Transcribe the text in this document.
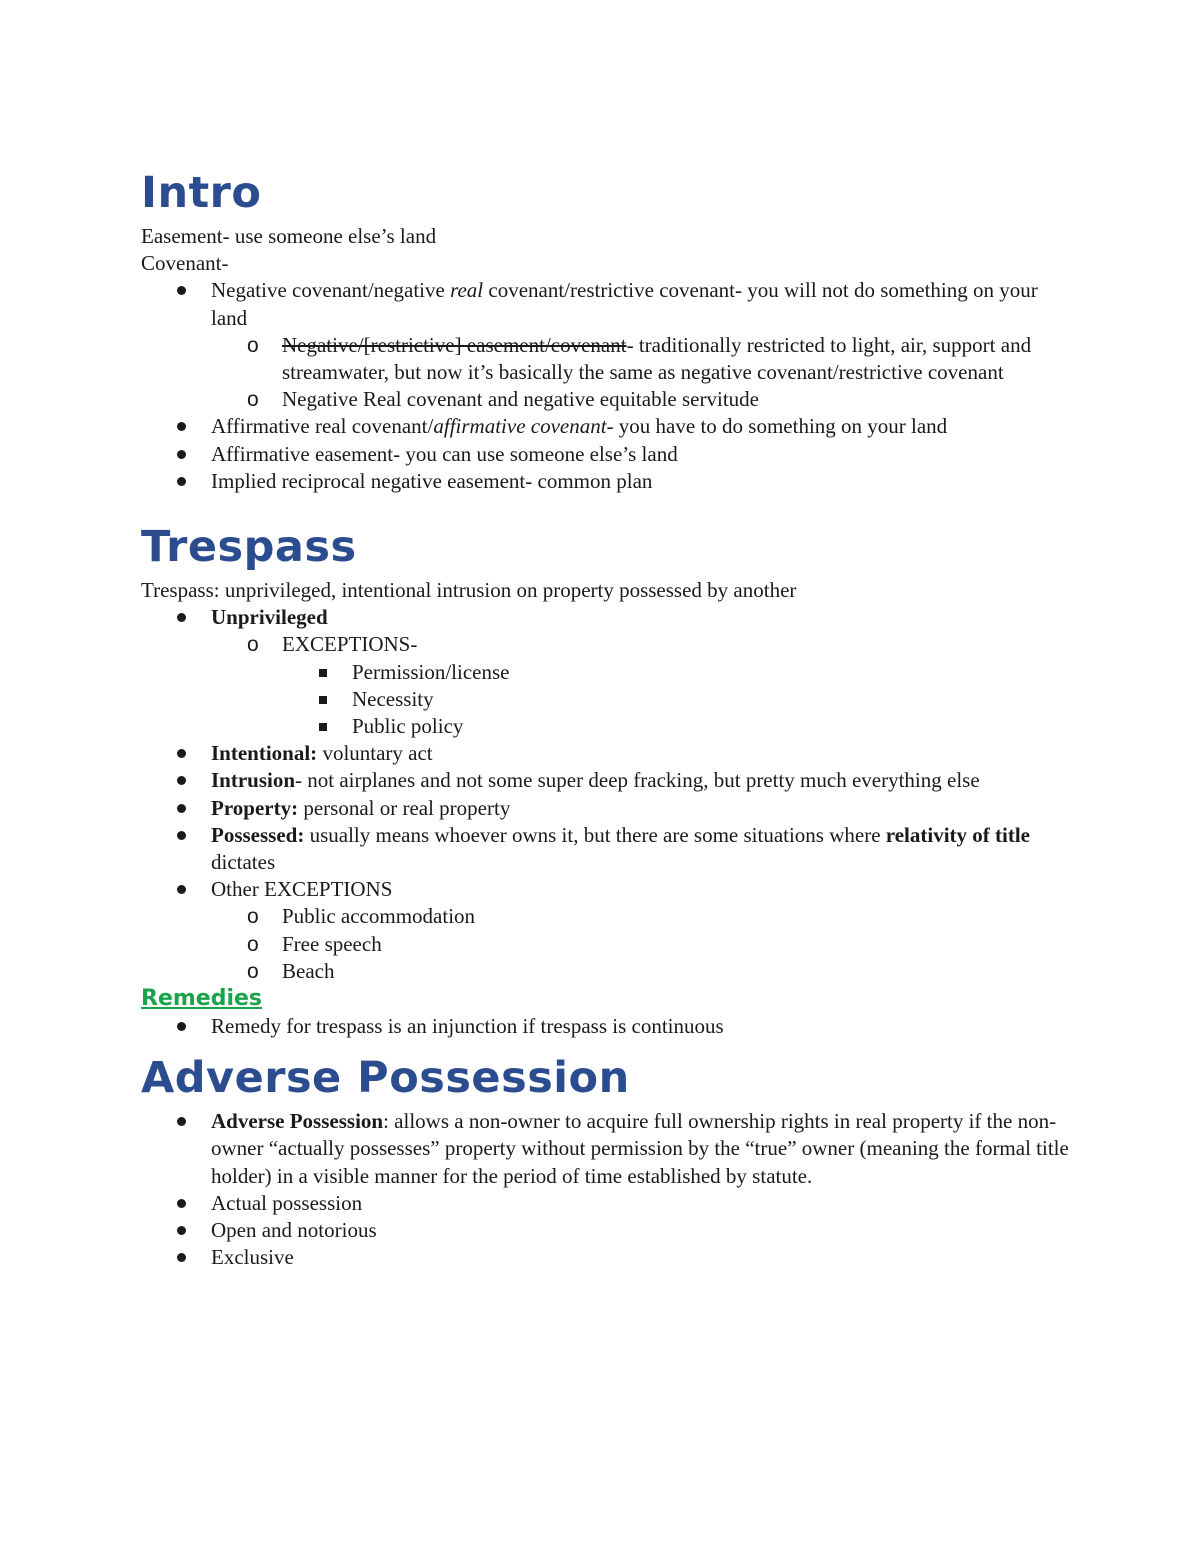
Intro

Easement- use someone else’s land

Covenant-

Negative covenant/negative real covenant/restrictive covenant- you will not do something on your land
o Negative/[restrictive] easement/covenant- traditionally restricted to light, air, support and streamwater, but now it’s basically the same as negative covenant/restrictive covenant
o Negative Real covenant and negative equitable servitude
Affirmative real covenant/affirmative covenant- you have to do something on your land
Affirmative easement- you can use someone else’s land
Implied reciprocal negative easement- common plan
Trespass

Trespass: unprivileged, intentional intrusion on property possessed by another

Unprivileged
o EXCEPTIONS-
Permission/license
Necessity
Public policy
Intentional: voluntary act
Intrusion- not airplanes and not some super deep fracking, but pretty much everything else
Property: personal or real property
Possessed: usually means whoever owns it, but there are some situations where relativity of title dictates
Other EXCEPTIONS
o Public accommodation
o Free speech
o Beach
Remedies
Remedy for trespass is an injunction if trespass is continuous
Adverse Possession
Adverse Possession: allows a non-owner to acquire full ownership rights in real property if the non-owner “actually possesses” property without permission by the “true” owner (meaning the formal title holder) in a visible manner for the period of time established by statute.
Actual possession
Open and notorious
Exclusive
